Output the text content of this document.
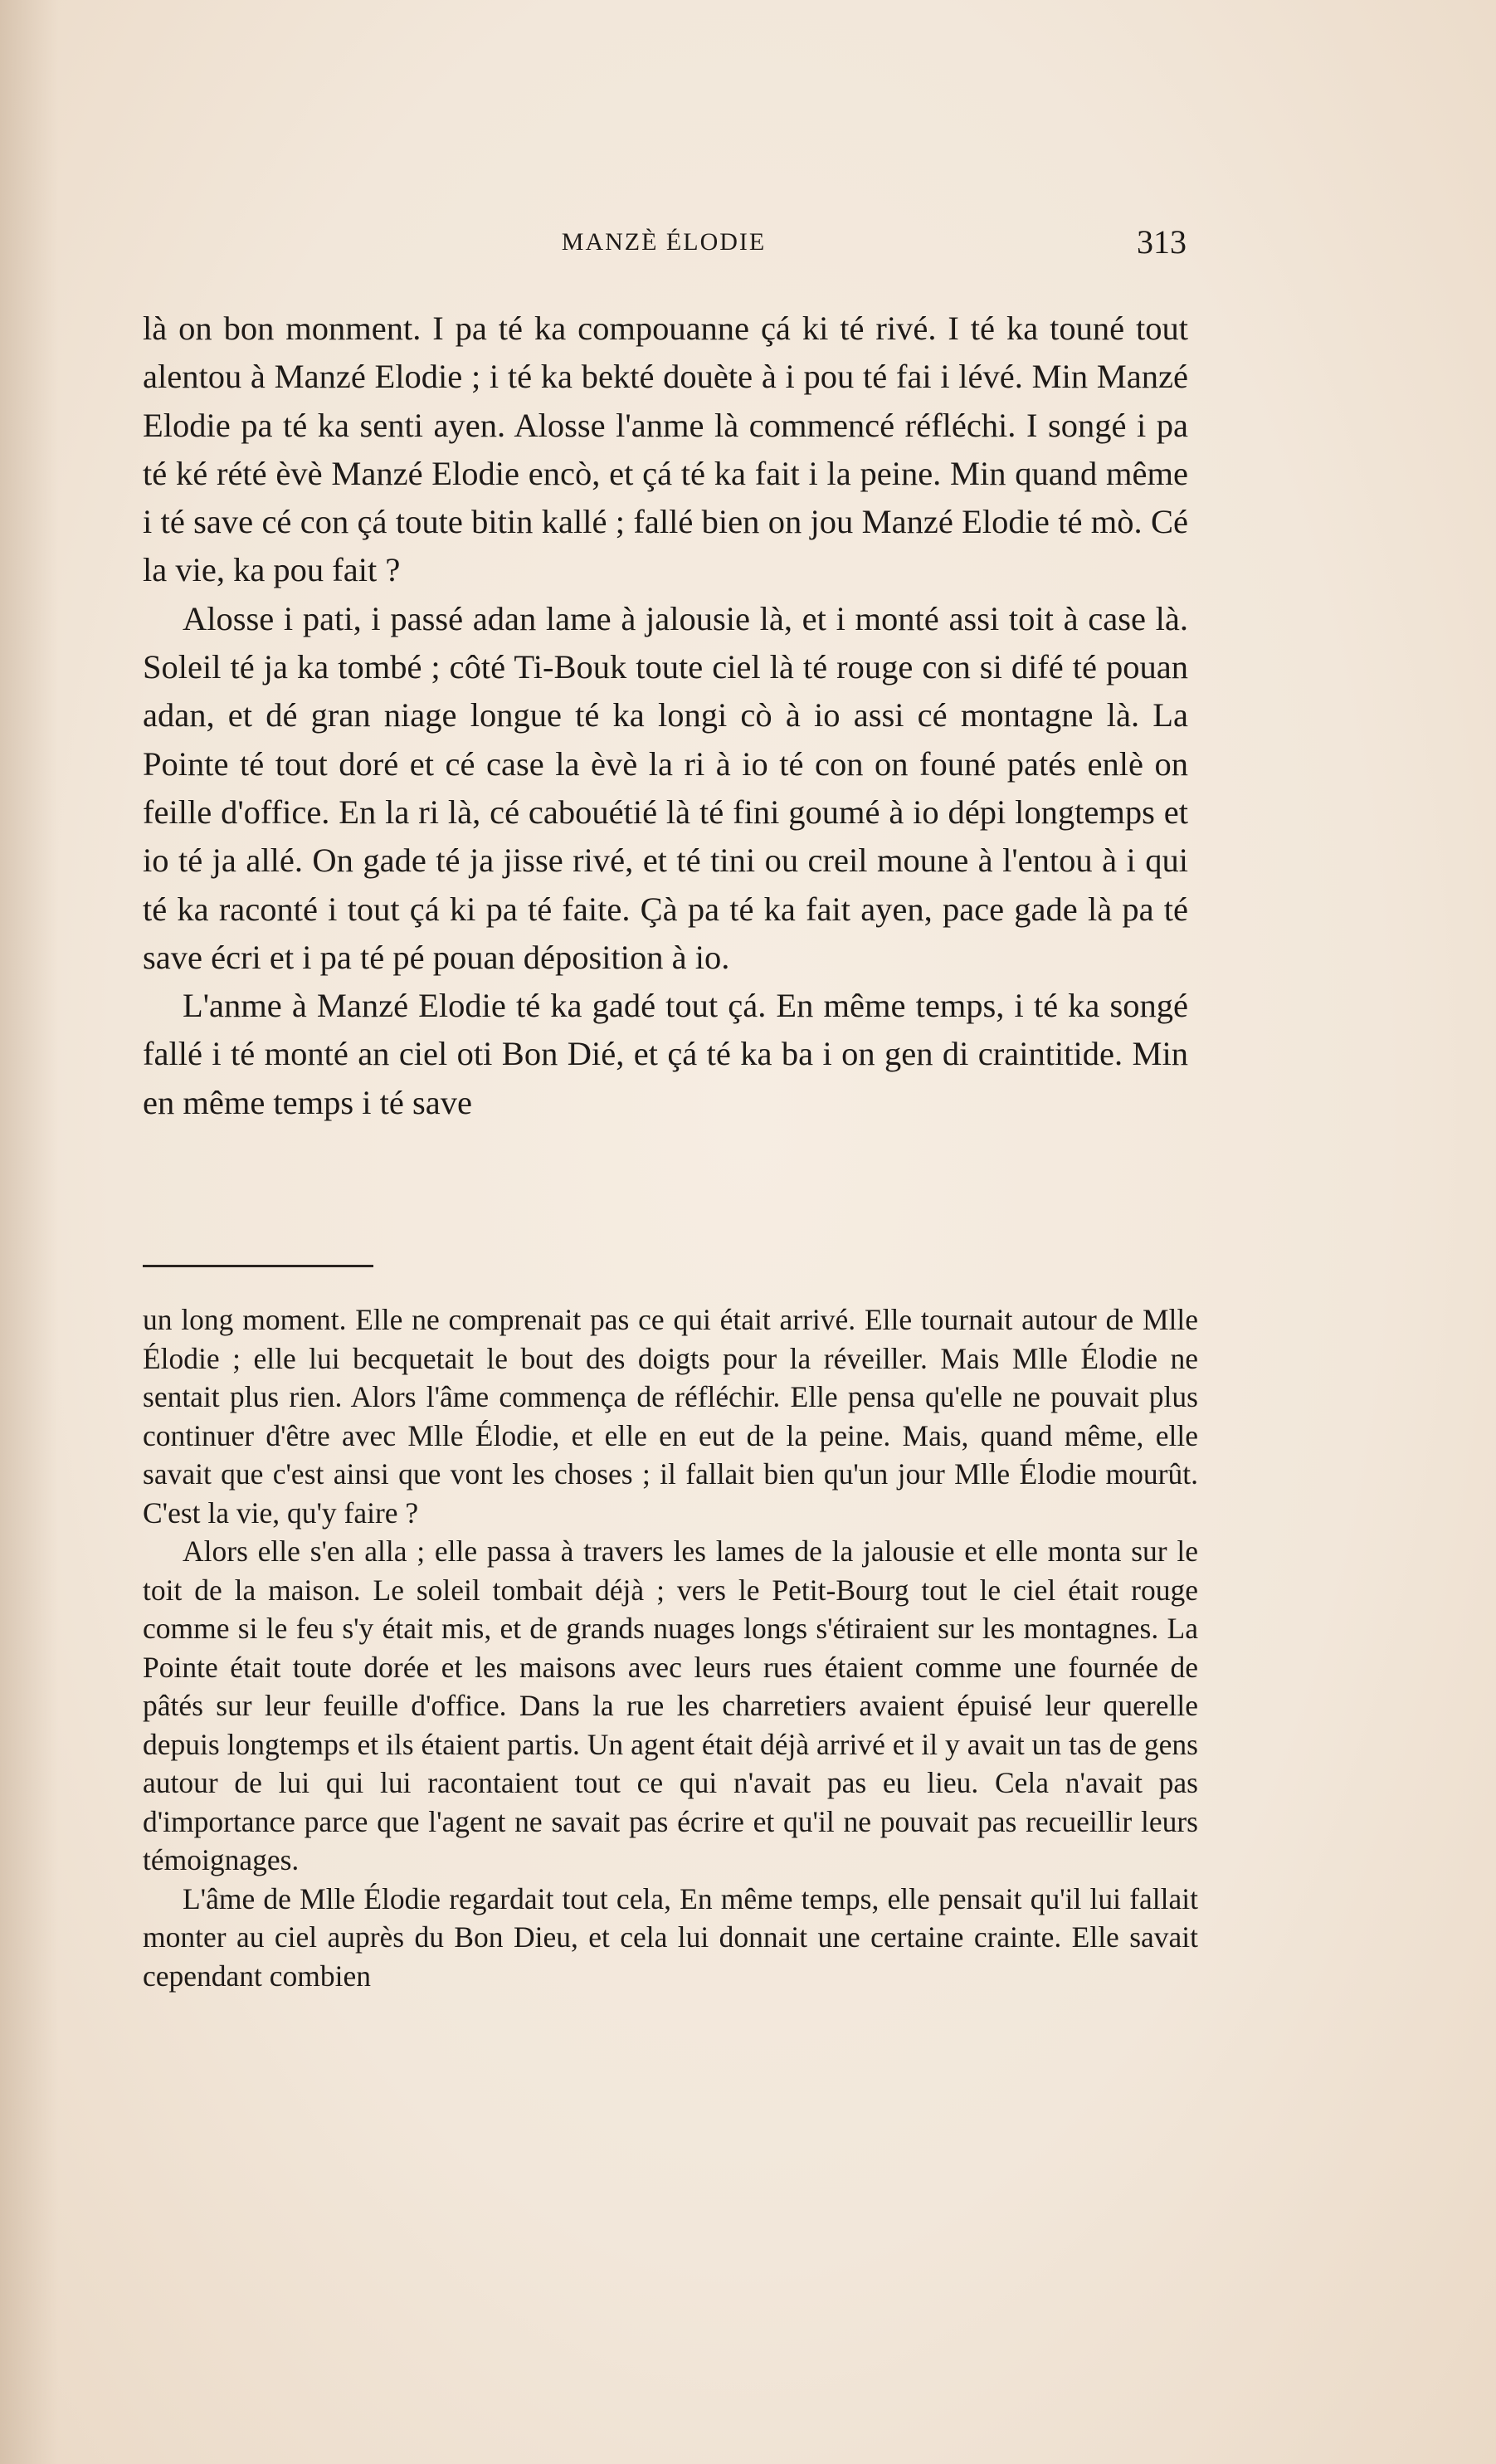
MANZÈ ÉLODIE	313

là on bon monment. I pa té ka compouanne çá ki té rivé. I té ka touné tout alentou à Manzé Elodie ; i té ka bekté douète à i pou té fai i lévé. Min Manzé Elodie pa té ka senti ayen. Alosse l'anme là commencé réfléchi. I songé i pa té ké rété èvè Manzé Elodie encò, et çá té ka fait i la peine. Min quand même i té save cé con çá toute bitin kallé ; fallé bien on jou Manzé Elodie té mò. Cé la vie, ka pou fait ?

Alosse i pati, i passé adan lame à jalousie là, et i monté assi toit à case là. Soleil té ja ka tombé ; côté Ti-Bouk toute ciel là té rouge con si difé té pouan adan, et dé gran niage longue té ka longi cò à io assi cé montagne là. La Pointe té tout doré et cé case la èvè la ri à io té con on founé patés enlè on feille d'office. En la ri là, cé cabouétié là té fini goumé à io dépi longtemps et io té ja allé. On gade té ja jisse rivé, et té tini ou creil moune à l'entou à i qui té ka raconté i tout çá ki pa té faite. Çà pa té ka fait ayen, pace gade là pa té save écri et i pa té pé pouan déposition à io.

L'anme à Manzé Elodie té ka gadé tout çá. En même temps, i té ka songé fallé i té monté an ciel oti Bon Dié, et çá té ka ba i on gen di craintitide. Min en même temps i té save

un long moment. Elle ne comprenait pas ce qui était arrivé. Elle tournait autour de Mlle Élodie ; elle lui becquetait le bout des doigts pour la réveiller. Mais Mlle Élodie ne sentait plus rien. Alors l'âme commença de réfléchir. Elle pensa qu'elle ne pouvait plus continuer d'être avec Mlle Élodie, et elle en eut de la peine. Mais, quand même, elle savait que c'est ainsi que vont les choses ; il fallait bien qu'un jour Mlle Élodie mourût. C'est la vie, qu'y faire ?

Alors elle s'en alla ; elle passa à travers les lames de la jalousie et elle monta sur le toit de la maison. Le soleil tombait déjà ; vers le Petit-Bourg tout le ciel était rouge comme si le feu s'y était mis, et de grands nuages longs s'étiraient sur les montagnes. La Pointe était toute dorée et les maisons avec leurs rues étaient comme une fournée de pâtés sur leur feuille d'office. Dans la rue les charretiers avaient épuisé leur querelle depuis longtemps et ils étaient partis. Un agent était déjà arrivé et il y avait un tas de gens autour de lui qui lui racontaient tout ce qui n'avait pas eu lieu. Cela n'avait pas d'importance parce que l'agent ne savait pas écrire et qu'il ne pouvait pas recueillir leurs témoignages.

L'âme de Mlle Élodie regardait tout cela, En même temps, elle pensait qu'il lui fallait monter au ciel auprès du Bon Dieu, et cela lui donnait une certaine crainte. Elle savait cependant combien
